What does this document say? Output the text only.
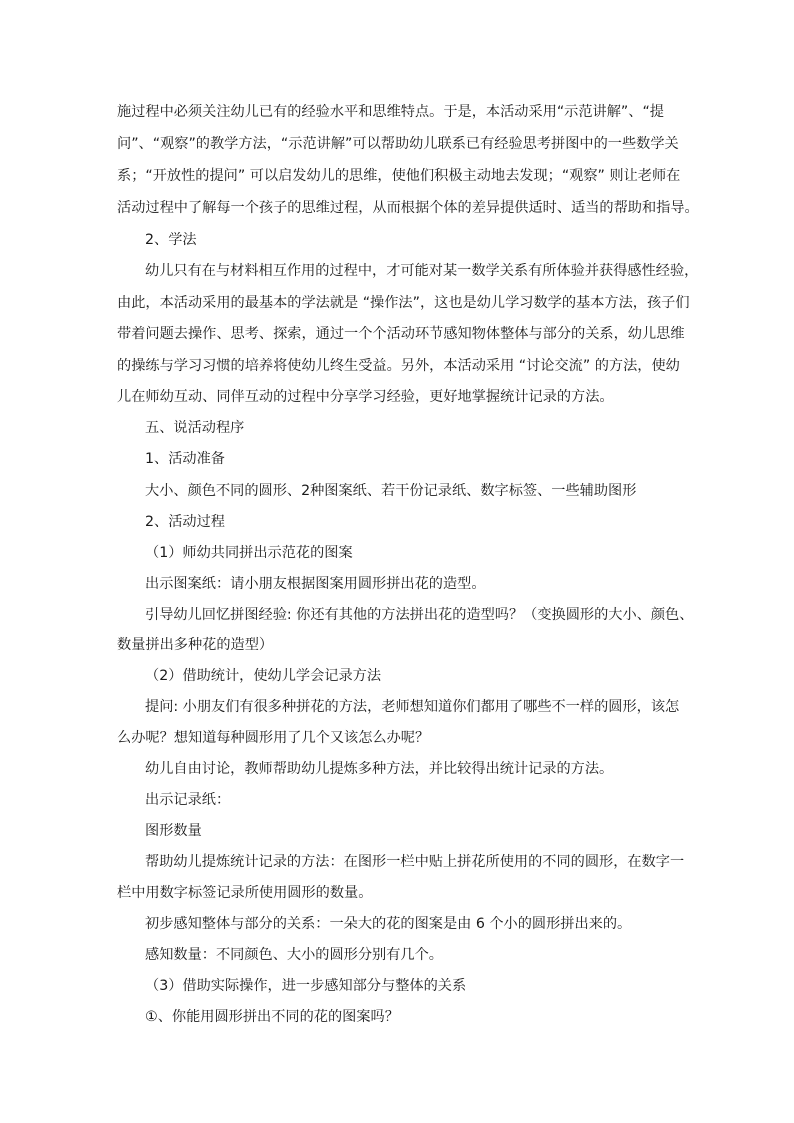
施过程中必须关注幼儿已有的经验水平和思维特点。于是，本活动采用“示范讲解”、“提
问”、“观察”的教学方法，“示范讲解”可以帮助幼儿联系已有经验思考拼图中的一些数学关
系；“开放性的提问” 可以启发幼儿的思维，使他们积极主动地去发现；“观察” 则让老师在
活动过程中了解每一个孩子的思维过程，从而根据个体的差异提供适时、适当的帮助和指导。
2、学法
幼儿只有在与材料相互作用的过程中，才可能对某一数学关系有所体验并获得感性经验，
由此，本活动采用的最基本的学法就是 “操作法”，这也是幼儿学习数学的基本方法，孩子们
带着问题去操作、思考、探索，通过一个个活动环节感知物体整体与部分的关系，幼儿思维
的操练与学习习惯的培养将使幼儿终生受益。另外，本活动采用 “讨论交流” 的方法，使幼
儿在师幼互动、同伴互动的过程中分享学习经验，更好地掌握统计记录的方法。
五、说活动程序
1、活动准备
大小、颜色不同的圆形、2种图案纸、若干份记录纸、数字标签、一些辅助图形
2、活动过程
（1）师幼共同拼出示范花的图案
出示图案纸：请小朋友根据图案用圆形拼出花的造型。
引导幼儿回忆拼图经验: 你还有其他的方法拼出花的造型吗？（变换圆形的大小、颜色、
数量拼出多种花的造型）
（2）借助统计，使幼儿学会记录方法
提问: 小朋友们有很多种拼花的方法，老师想知道你们都用了哪些不一样的圆形，该怎
么办呢？想知道每种圆形用了几个又该怎么办呢？
幼儿自由讨论，教师帮助幼儿提炼多种方法，并比较得出统计记录的方法。
出示记录纸：
图形数量
帮助幼儿提炼统计记录的方法：在图形一栏中贴上拼花所使用的不同的圆形，在数字一
栏中用数字标签记录所使用圆形的数量。
初步感知整体与部分的关系：一朵大的花的图案是由 6 个小的圆形拼出来的。
感知数量：不同颜色、大小的圆形分别有几个。
（3）借助实际操作，进一步感知部分与整体的关系
①、你能用圆形拼出不同的花的图案吗？
